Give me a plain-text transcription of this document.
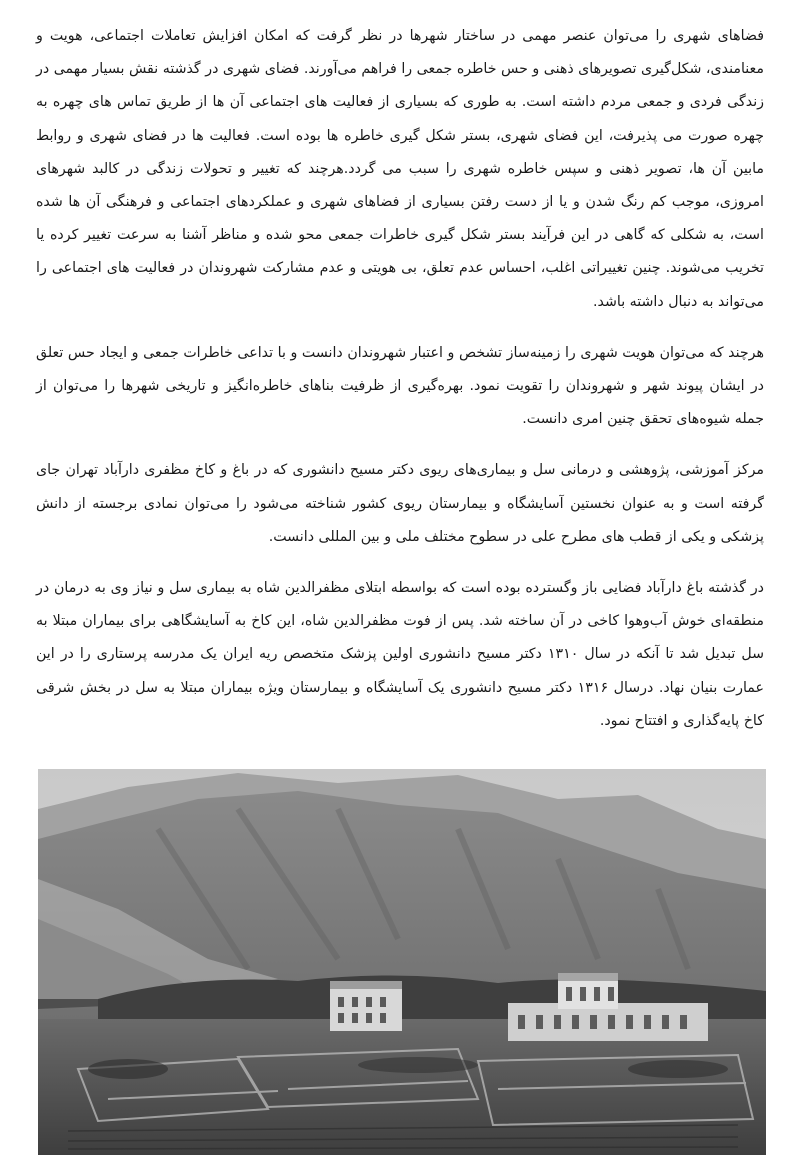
فضاهای شهری را می‌توان عنصر مهمی در ساختار شهرها در نظر گرفت که امکان افزایش تعاملات اجتماعی، هویت و معنامندی، شکل‌گیری تصویرهای ذهنی و حس خاطره جمعی را فراهم می‌آورند. فضای شهری در گذشته نقش بسیار مهمی در زندگی فردی و جمعی مردم داشته است. به طوری که بسیاری از فعالیت های اجتماعی آن ها از طریق تماس های چهره به چهره صورت می پذیرفت، این فضای شهری، بستر شکل گیری خاطره ها بوده است. فعالیت ها در فضای شهری و روابط مابین آن ها، تصویر ذهنی و سپس خاطره شهری را سبب می گردد.هرچند که تغییر و تحولات زندگی در کالبد شهرهای امروزی، موجب کم رنگ شدن و یا از دست رفتن بسیاری از فضاهای شهری و عملکردهای اجتماعی و فرهنگی آن ها شده است، به شکلی که گاهی در این فرآیند بستر شکل گیری خاطرات جمعی محو شده و مناظر آشنا به سرعت تغییر کرده یا تخریب می‌شوند. چنین تغییراتی اغلب، احساس عدم تعلق، بی هویتی و عدم مشارکت شهروندان در فعالیت های اجتماعی را می‌تواند به دنبال داشته باشد.

هرچند که می‌توان هویت شهری را زمینه‌ساز تشخص و اعتبار شهروندان دانست و با تداعی خاطرات جمعی و ایجاد حس تعلق در ایشان پیوند شهر و شهروندان را تقویت نمود. بهره‌گیری از ظرفیت بناهای خاطره‌انگیز و تاریخی شهرها را می‌توان از جمله شیوه‌های تحقق چنین امری دانست.

مرکز آموزشی، پژوهشی و درمانی سل و بیماری‌های ریوی دکتر مسیح دانشوری که در باغ و کاخ مظفری دارآباد تهران جای گرفته است و به عنوان نخستین آسایشگاه و بیمارستان ریوی کشور شناخته می‌شود را می‌توان نمادی برجسته از دانش پزشکی و یکی از قطب های مطرح علی در سطوح مختلف ملی و بین المللی دانست.

در گذشته باغ دارآباد فضایی باز وگسترده بوده است که بواسطه ابتلای مظفرالدین شاه به بیماری سل و نیاز وی به درمان در منطقه‌ای خوش آب‌وهوا کاخی در آن ساخته شد. پس از فوت مظفرالدین شاه، این کاخ به آسایشگاهی برای بیماران مبتلا به سل تبدیل شد تا آنکه در سال ۱۳۱۰ دکتر مسیح دانشوری اولین پزشک متخصص ریه ایران یک مدرسه پرستاری را در این عمارت بنیان نهاد. درسال ۱۳۱۶ دکتر مسیح دانشوری یک آسایشگاه و بیمارستان ویژه بیماران مبتلا به سل در بخش شرقی کاخ پایه‌گذاری و افتتاح نمود.
